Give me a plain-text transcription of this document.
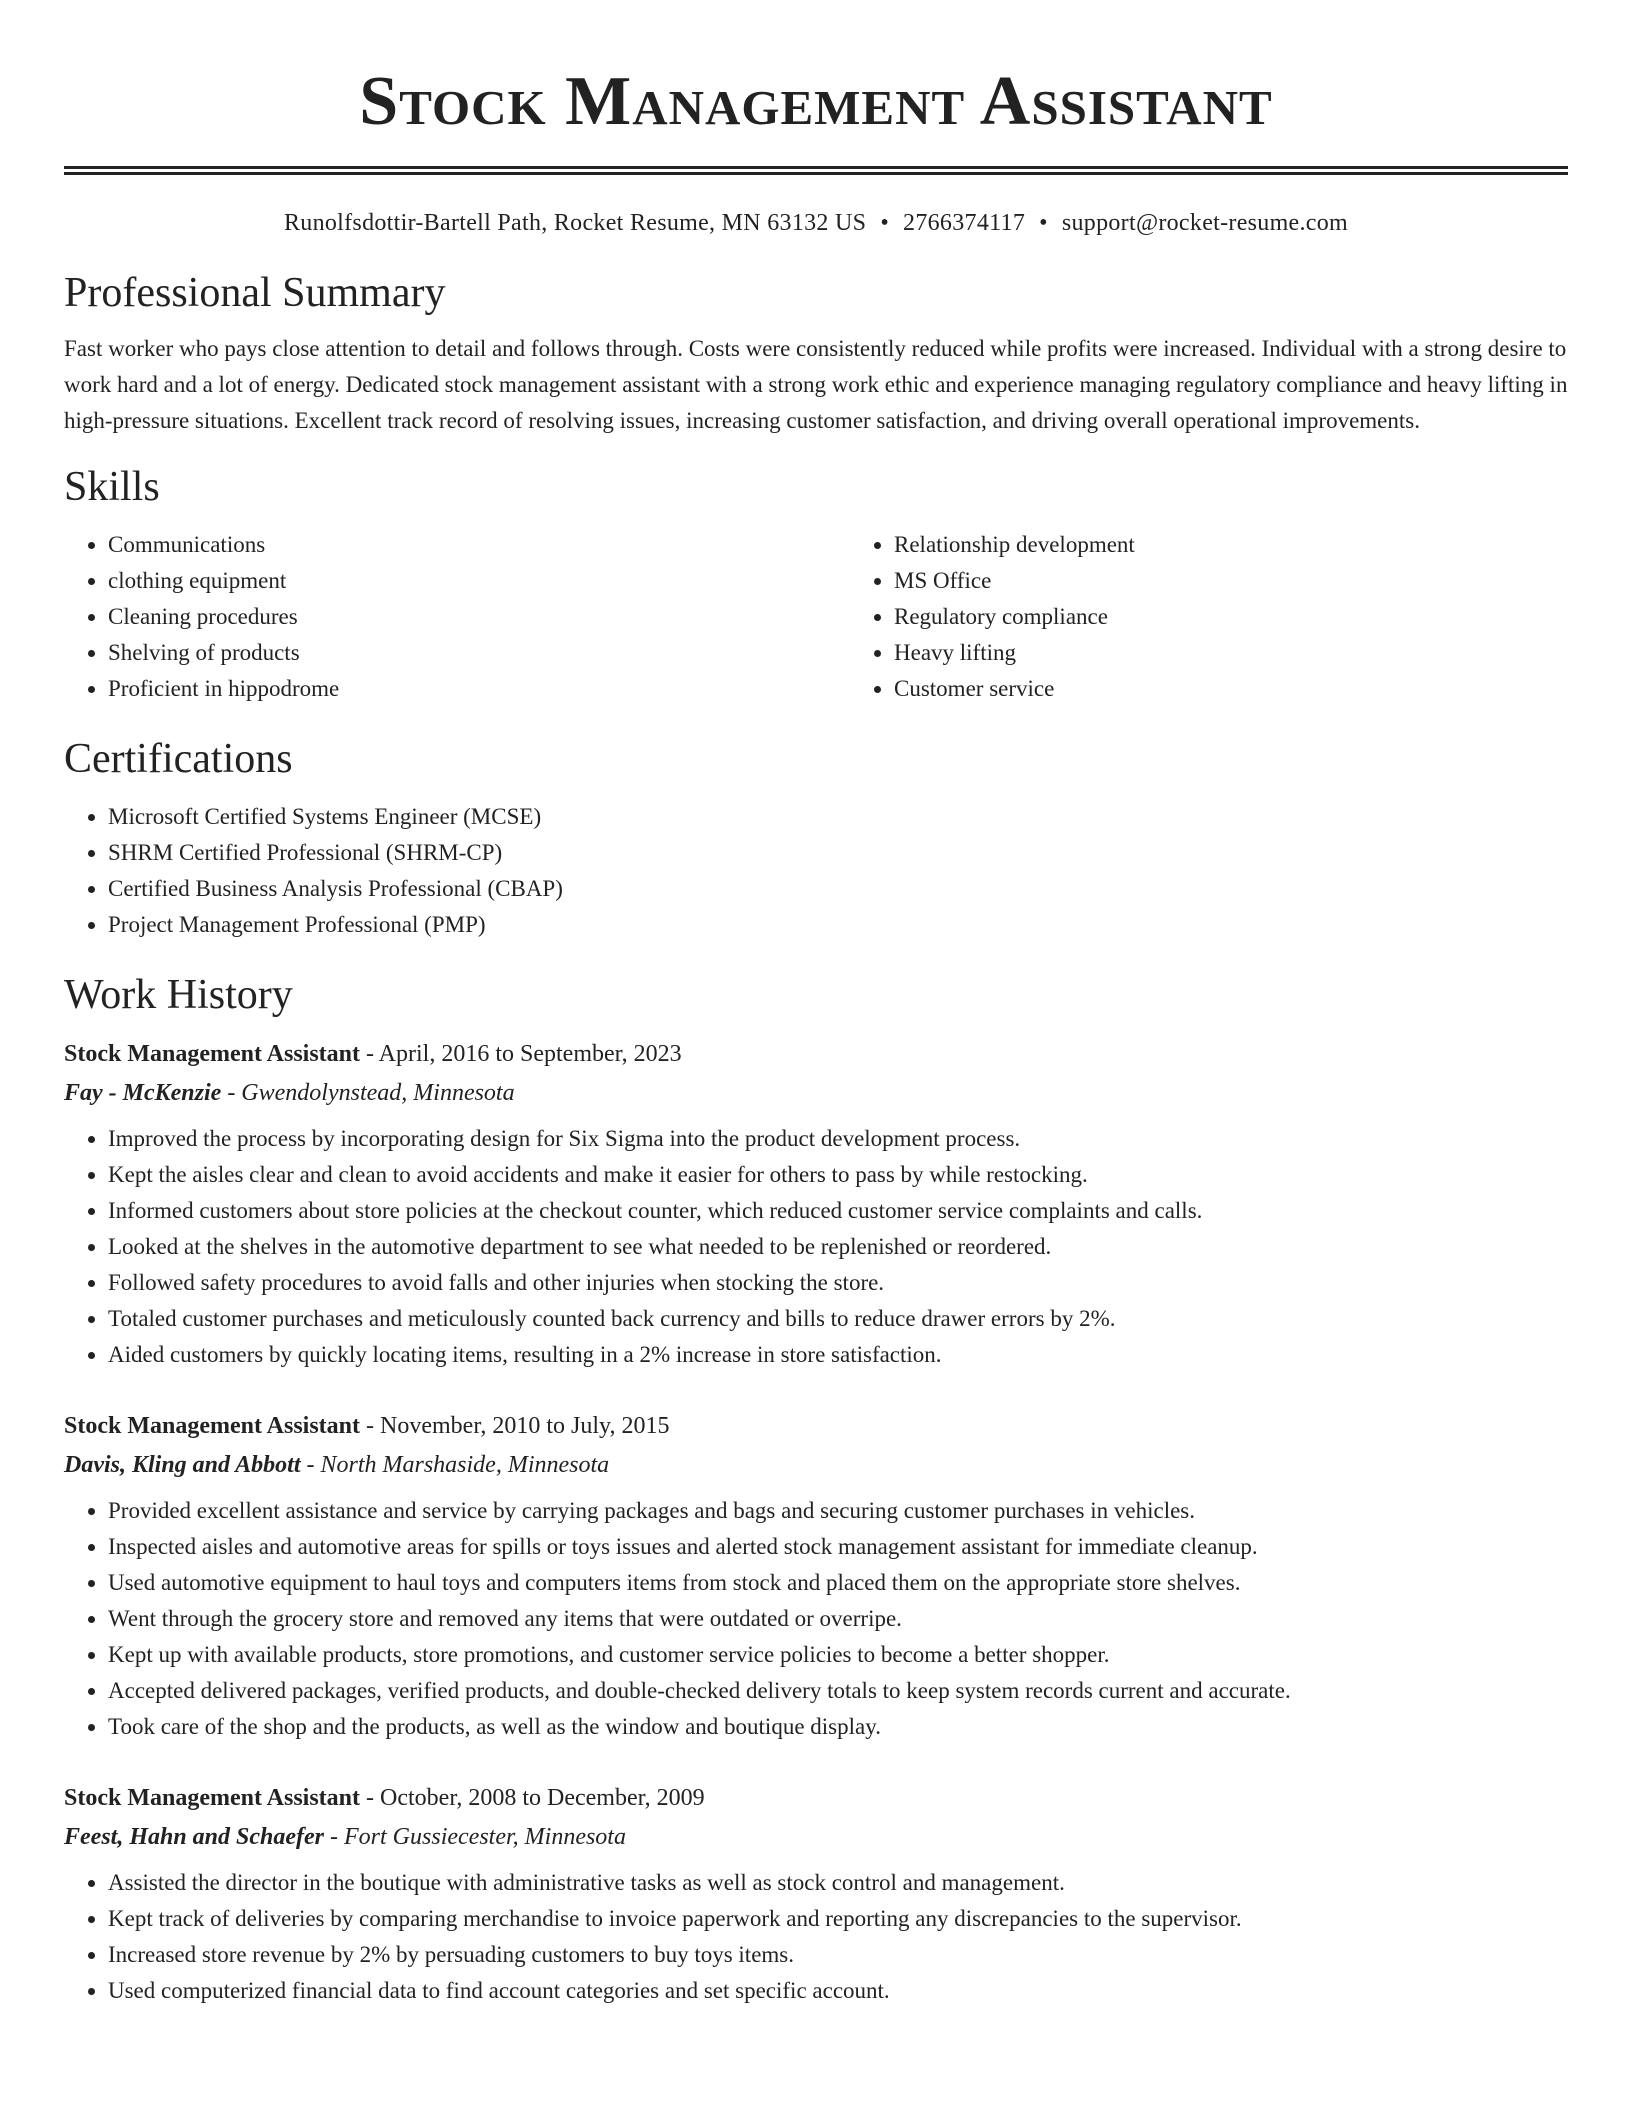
Stock Management Assistant
Runolfsdottir-Bartell Path, Rocket Resume, MN 63132 US • 2766374117 • support@rocket-resume.com
Professional Summary

Fast worker who pays close attention to detail and follows through. Costs were consistently reduced while profits were increased. Individual with a strong desire to work hard and a lot of energy. Dedicated stock management assistant with a strong work ethic and experience managing regulatory compliance and heavy lifting in high-pressure situations. Excellent track record of resolving issues, increasing customer satisfaction, and driving overall operational improvements.

Skills
• Communications
• clothing equipment
• Cleaning procedures
• Shelving of products
• Proficient in hippodrome
• Relationship development
• MS Office
• Regulatory compliance
• Heavy lifting
• Customer service
Certifications
• Microsoft Certified Systems Engineer (MCSE)
• SHRM Certified Professional (SHRM-CP)
• Certified Business Analysis Professional (CBAP)
• Project Management Professional (PMP)
Work History
Stock Management Assistant - April, 2016 to September, 2023
Fay - McKenzie - Gwendolynstead, Minnesota
• Improved the process by incorporating design for Six Sigma into the product development process.
• Kept the aisles clear and clean to avoid accidents and make it easier for others to pass by while restocking.
• Informed customers about store policies at the checkout counter, which reduced customer service complaints and calls.
• Looked at the shelves in the automotive department to see what needed to be replenished or reordered.
• Followed safety procedures to avoid falls and other injuries when stocking the store.
• Totaled customer purchases and meticulously counted back currency and bills to reduce drawer errors by 2%.
• Aided customers by quickly locating items, resulting in a 2% increase in store satisfaction.
Stock Management Assistant - November, 2010 to July, 2015
Davis, Kling and Abbott - North Marshaside, Minnesota
• Provided excellent assistance and service by carrying packages and bags and securing customer purchases in vehicles.
• Inspected aisles and automotive areas for spills or toys issues and alerted stock management assistant for immediate cleanup.
• Used automotive equipment to haul toys and computers items from stock and placed them on the appropriate store shelves.
• Went through the grocery store and removed any items that were outdated or overripe.
• Kept up with available products, store promotions, and customer service policies to become a better shopper.
• Accepted delivered packages, verified products, and double-checked delivery totals to keep system records current and accurate.
• Took care of the shop and the products, as well as the window and boutique display.
Stock Management Assistant - October, 2008 to December, 2009
Feest, Hahn and Schaefer - Fort Gussiecester, Minnesota
• Assisted the director in the boutique with administrative tasks as well as stock control and management.
• Kept track of deliveries by comparing merchandise to invoice paperwork and reporting any discrepancies to the supervisor.
• Increased store revenue by 2% by persuading customers to buy toys items.
• Used computerized financial data to find account categories and set specific account.
